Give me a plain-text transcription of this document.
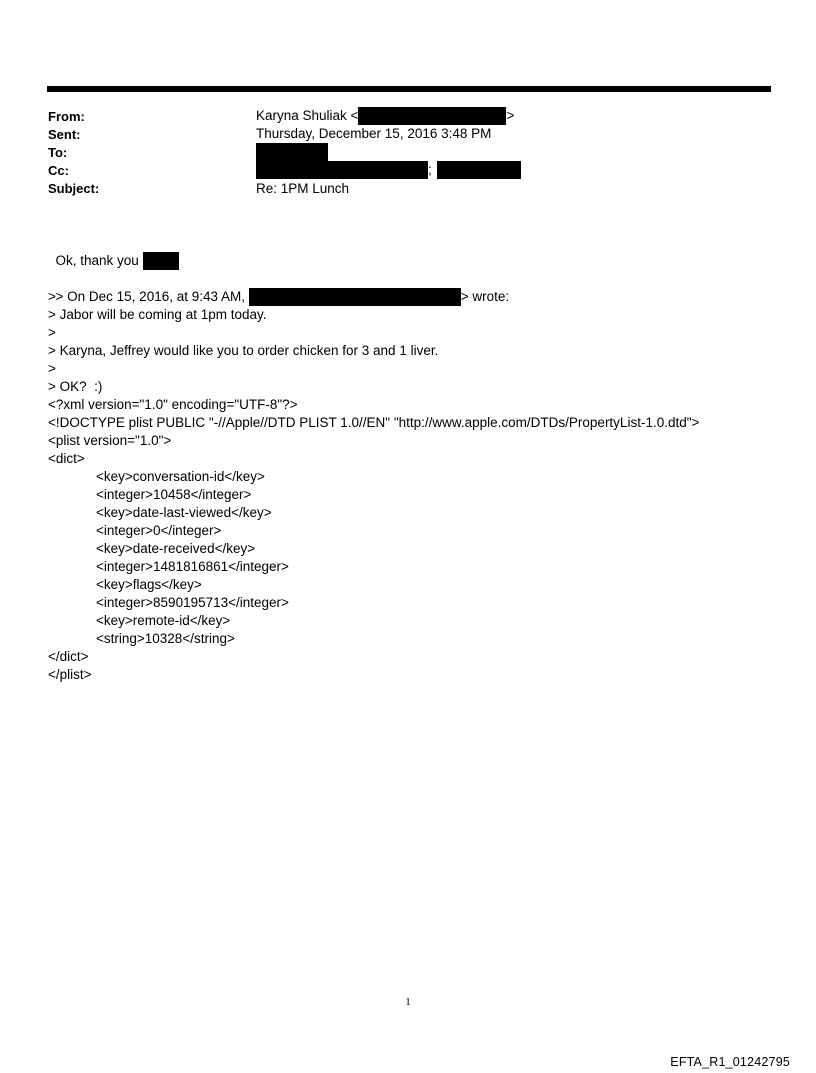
From:	Karyna Shuliak <	>
Sent:	Thursday, December 15, 2016 3:48 PM
To:
Cc:	;
Subject:	Re: 1PM Lunch

Ok, thank you

> On Dec 15, 2016, at 9:43 AM,	> wrote:

>
> Jabor will be coming at 1pm today.
>
> Karyna, Jeffrey would like you to order chicken for 3 and 1 liver.
>
> OK?  :)
<?xml version="1.0" encoding="UTF-8"?>
<!DOCTYPE plist PUBLIC "-//Apple//DTD PLIST 1.0//EN" "http://www.apple.com/DTDs/PropertyList-1.0.dtd">
<plist version="1.0">
<dict>
<key>conversation-id</key>
<integer>10458</integer>
<key>date-last-viewed</key>
<integer>0</integer>
<key>date-received</key>
<integer>1481816861</integer>
<key>flags</key>
<integer>8590195713</integer>
<key>remote-id</key>
<string>10328</string>
</dict>
</plist>
1
EFTA_R1_01242795
